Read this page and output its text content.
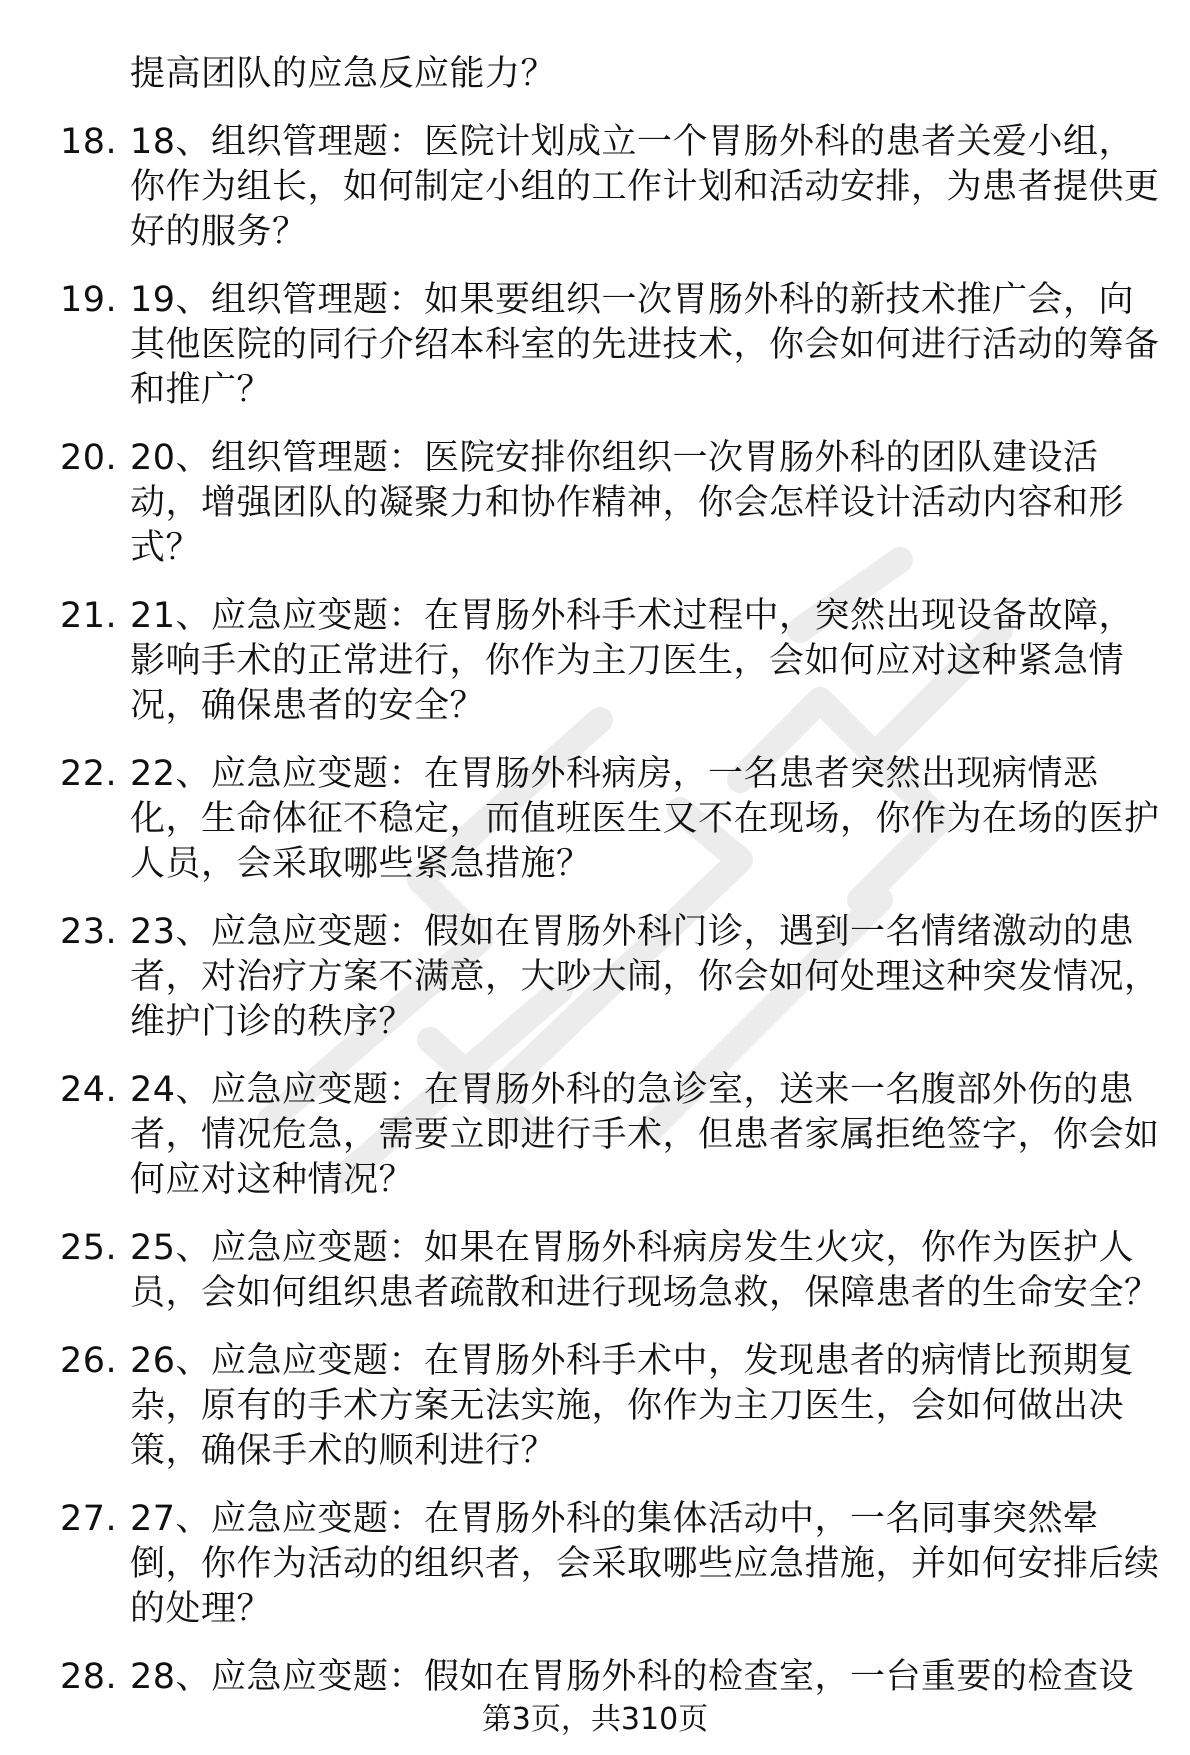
提高团队的应急反应能力？
18. 18、组织管理题：医院计划成立一个胃肠外科的患者关爱小组，你作为组长，如何制定小组的工作计划和活动安排，为患者提供更好的服务？
19. 19、组织管理题：如果要组织一次胃肠外科的新技术推广会，向其他医院的同行介绍本科室的先进技术，你会如何进行活动的筹备和推广？
20. 20、组织管理题：医院安排你组织一次胃肠外科的团队建设活动，增强团队的凝聚力和协作精神，你会怎样设计活动内容和形式？
21. 21、应急应变题：在胃肠外科手术过程中，突然出现设备故障，影响手术的正常进行，你作为主刀医生，会如何应对这种紧急情况，确保患者的安全？
22. 22、应急应变题：在胃肠外科病房，一名患者突然出现病情恶化，生命体征不稳定，而值班医生又不在现场，你作为在场的医护人员，会采取哪些紧急措施？
23. 23、应急应变题：假如在胃肠外科门诊，遇到一名情绪激动的患者，对治疗方案不满意，大吵大闹，你会如何处理这种突发情况，维护门诊的秩序？
24. 24、应急应变题：在胃肠外科的急诊室，送来一名腹部外伤的患者，情况危急，需要立即进行手术，但患者家属拒绝签字，你会如何应对这种情况？
25. 25、应急应变题：如果在胃肠外科病房发生火灾，你作为医护人员，会如何组织患者疏散和进行现场急救，保障患者的生命安全？
26. 26、应急应变题：在胃肠外科手术中，发现患者的病情比预期复杂，原有的手术方案无法实施，你作为主刀医生，会如何做出决策，确保手术的顺利进行？
27. 27、应急应变题：在胃肠外科的集体活动中，一名同事突然晕倒，你作为活动的组织者，会采取哪些应急措施，并如何安排后续的处理？
28. 28、应急应变题：假如在胃肠外科的检查室，一台重要的检查设
第3页，共310页
